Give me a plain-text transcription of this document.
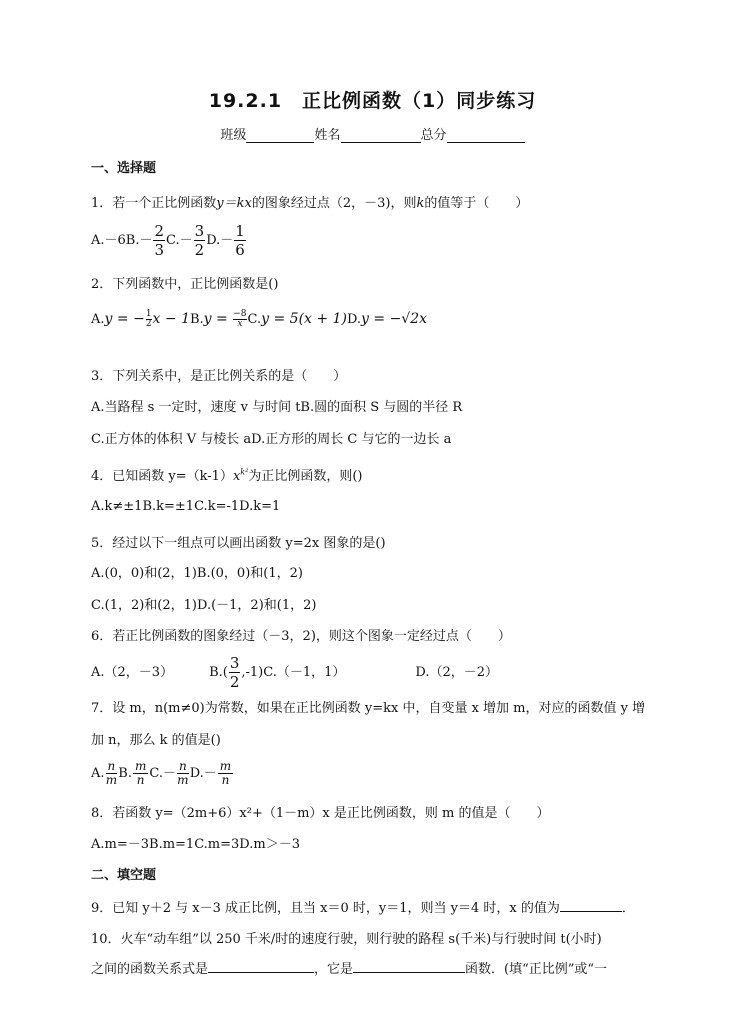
19.2.1　正比例函数（1）同步练习
班级	姓名	总分
一、选择题
1．若一个正比例函数y＝kx的图象经过点（2，－3)，则k的值等于（　　）
$A.-6B.- \frac{2}{3} C.- \frac{3}{2} D.- \frac{1}{6}$
2．下列函数中，正比例函数是()
A.y = − $\frac{1}{2}x - 1B.y = \frac{-8}{x}C.y = 5(x + 1)D.y = -√2x$
3．下列关系中，是正比例关系的是（　　）
A.当路程 s 一定时，速度 v 与时间 tB.圆的面积 S 与圆的半径 R
C.正方体的体积 V 与棱长 aD.正方形的周长 C 与它的一边长 a
4．已知函数 $y=(k-1)x^{k^2}$为正比例函数，则()
A.k≠±1B.k=±1C.k=-1D.k=1
5．经过以下一组点可以画出函数 y=2x 图象的是()
A.(0，0)和(2，1)B.(0，0)和(1，2)
C.(1，2)和(2，1)D.(－1，2)和(1，2)
6．若正比例函数的图象经过（－3，2)，则这个图象一定经过点（　　）
A.（2，－3）	$B.( \frac{3}{2} ,-1)C.(-1$，1）	D.（2，－2）
7．设 m，n(m≠0)为常数，如果在正比例函数 y=kx 中，自变量 x 增加 m，对应的函数值 y 增
加 n，那么 k 的值是()
A. $\frac{n}{m}B$. $\frac{m}{n}C.- \frac{n}{m}D.- \frac{m}{n}$
8．若函数 y=（2m+6）x²+（1－m）x 是正比例函数，则 m 的值是（　　）
A.m=－3B.m=1C.m=3D.m＞－3
二、填空题
9．已知 y＋2 与 x－3 成正比例，且当 x＝0 时，y＝1，则当 y＝4 时，x 的值为	．
10．火车“动车组”以 250 千米/时的速度行驶，则行驶的路程 s(千米)与行驶时间 t(小时)
之间的函数关系式是	，它是	函数．(填“正比例”或“一
